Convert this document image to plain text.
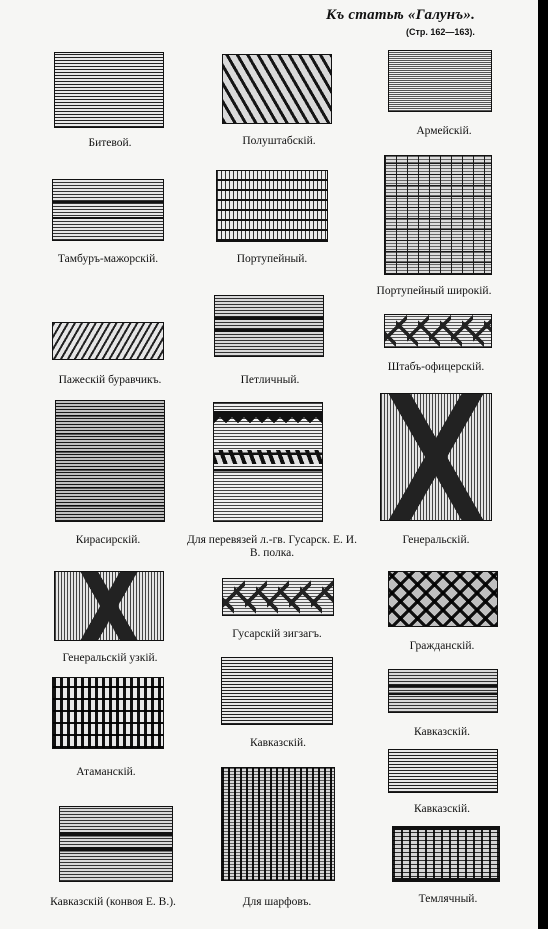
Къ статьѣ «Галунъ».
(Стр. 162—163).
Битевой.	Полуштабскій.
Армейскій.
Тамбуръ-мажорскій.	Портупейный.
Портупейный широкій.
Пажескій буравчикъ.	Петличный.
Штабъ-офицерскій.
Кирасирскій.	Для перевязей л.-гв. Гусарск. Е. И. В. полка.
Генеральскій.
Генеральскій узкій.
Гусарскій зигзагъ.
Гражданскій.
Атаманскій.
Кавказскій.
Кавказскій.
Кавказскій.
Кавказскій (конвоя Е. В.).	Для шарфовъ.	Темлячный.
